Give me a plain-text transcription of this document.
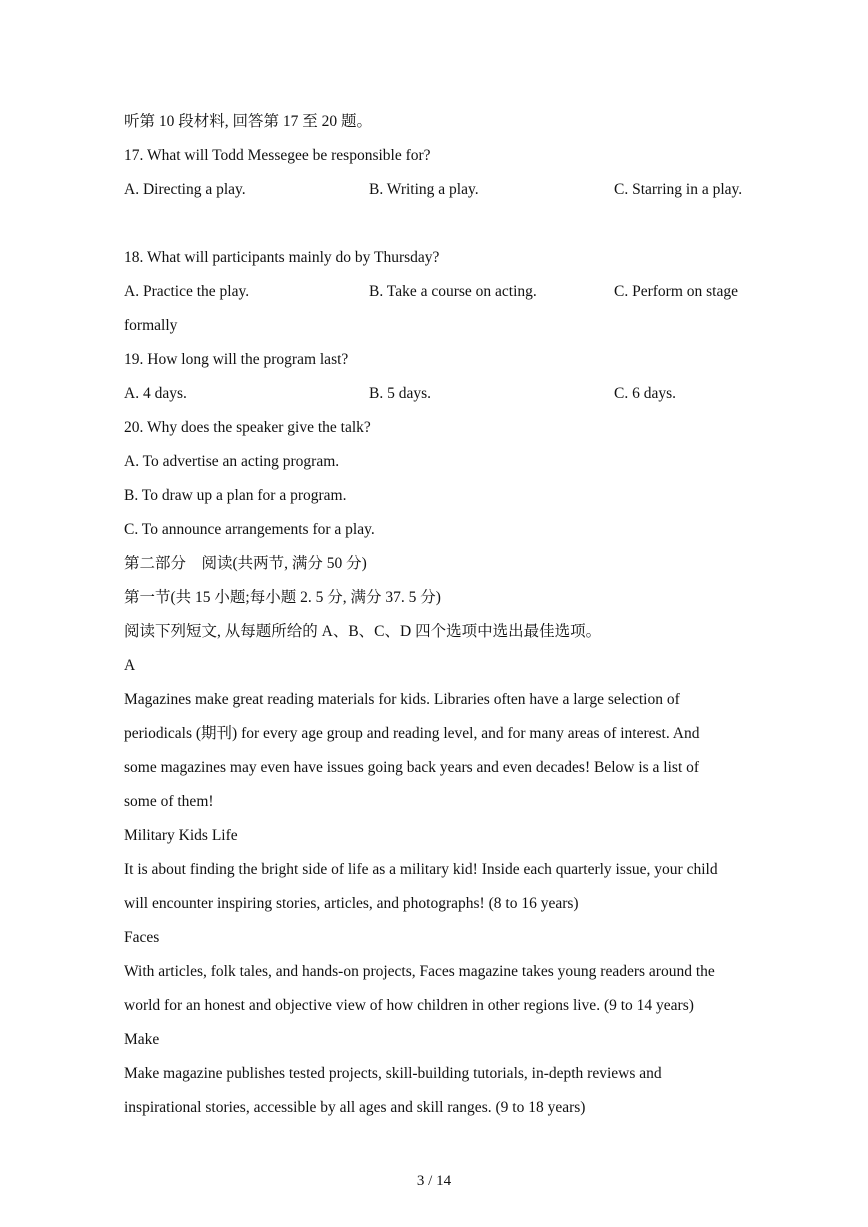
听第 10 段材料, 回答第 17 至 20 题。
17. What will Todd Messegee be responsible for?
A. Directing a play.	B. Writing a play.	C. Starring in a play.
18. What will participants mainly do by Thursday?
A. Practice the play.	B. Take a course on acting.	C. Perform on stage
formally
19. How long will the program last?
A. 4 days.	B. 5 days.	C. 6 days.
20. Why does the speaker give the talk?
A. To advertise an acting program.
B. To draw up a plan for a program.
C. To announce arrangements for a play.
第二部分　阅读(共两节, 满分 50 分)
第一节(共 15 小题;每小题 2. 5 分, 满分 37. 5 分)
阅读下列短文, 从每题所给的 A、B、C、D 四个选项中选出最佳选项。
A
Magazines make great reading materials for kids. Libraries often have a large selection of
periodicals (期刊) for every age group and reading level, and for many areas of interest. And
some magazines may even have issues going back years and even decades! Below is a list of
some of them!
Military Kids Life
It is about finding the bright side of life as a military kid! Inside each quarterly issue, your child
will encounter inspiring stories, articles, and photographs! (8 to 16 years)
Faces
With articles, folk tales, and hands-on projects, Faces magazine takes young readers around the
world for an honest and objective view of how children in other regions live. (9 to 14 years)
Make
Make magazine publishes tested projects, skill-building tutorials, in-depth reviews and
inspirational stories, accessible by all ages and skill ranges. (9 to 18 years)
3 / 14
